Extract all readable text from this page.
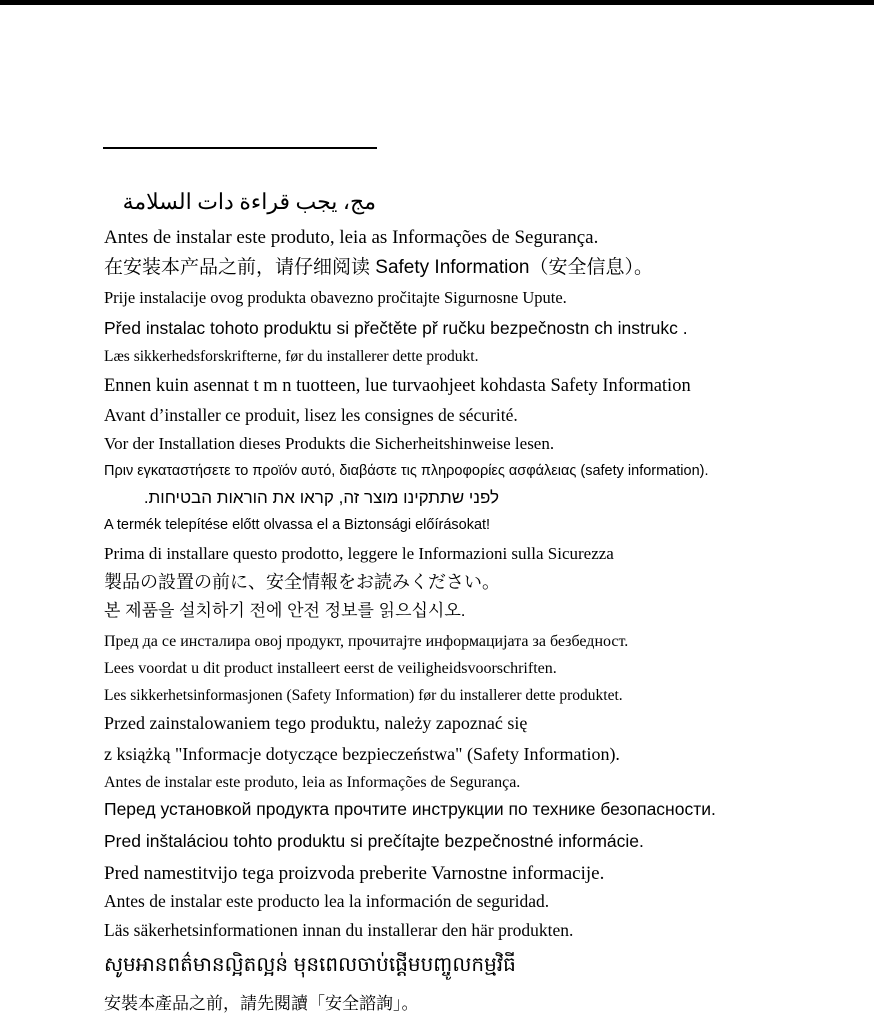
ﻣﺞ، ﻳﺠﺐ ﻗﺮاءة ﺩاﺕ اﻟﺴﻼﻣﺔ
Antes de instalar este produto, leia as Informações de Segurança.
在安装本产品之前，请仔细阅读 Safety Information（安全信息）。
Prije instalacije ovog produkta obavezno pročitajte Sigurnosne Upute.
Před instalac tohoto produktu si přečtěte př ručku bezpečnostn ch instrukc .
Læs sikkerhedsforskrifterne, før du installerer dette produkt.
Ennen kuin asennat t m n tuotteen, lue turvaohjeet kohdasta Safety Information
Avant d’installer ce produit, lisez les consignes de sécurité.
Vor der Installation dieses Produkts die Sicherheitshinweise lesen.
Πριν εγκαταστήσετε το προϊόν αυτό, διαβάστε τις πληροφορίες ασφάλειας (safety information).
לפני שתתקינו מוצר זה, קראו את הוראות הבטיחות.
A termék telepítése előtt olvassa el a Biztonsági előírásokat!
Prima di installare questo prodotto, leggere le Informazioni sulla Sicurezza
製品の設置の前に、安全情報をお読みください。
본 제품을 설치하기 전에 안전 정보를 읽으십시오.
Пред да се инсталира овој продукт, прочитајте информацијата за безбедност.
Lees voordat u dit product installeert eerst de veiligheidsvoorschriften.
Les sikkerhetsinformasjonen (Safety Information) før du installerer dette produktet.
Przed zainstalowaniem tego produktu, należy zapoznać się
z książką "Informacje dotyczące bezpieczeństwa" (Safety Information).
Antes de instalar este produto, leia as Informações de Segurança.
Перед установкой продукта прочтите инструкции по технике безопасности.
Pred inštaláciou tohto produktu si prečítajte bezpečnostné informácie.
Pred namestitvijo tega proizvoda preberite Varnostne informacije.
Antes de instalar este producto lea la información de seguridad.
Läs säkerhetsinformationen innan du installerar den här produkten.
សូមអានពត៌មានល្អិតល្អន់ មុនពេលចាប់ផ្ដើមបញ្ចូលកម្មវិធី
安裝本產品之前，請先閱讀「安全諮詢」。
